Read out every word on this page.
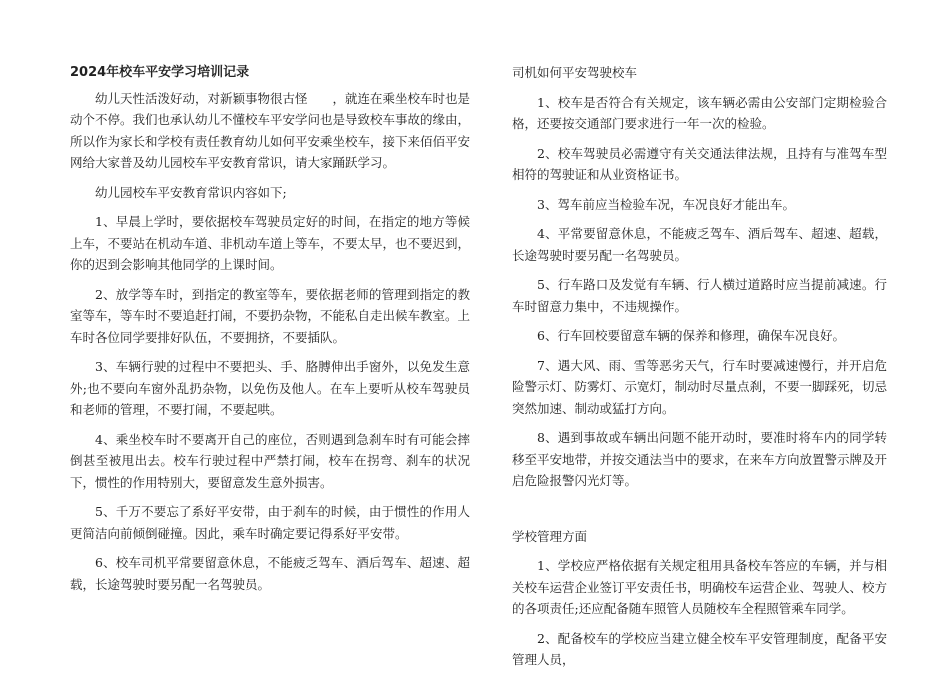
2024年校车平安学习培训记录

幼儿天性活泼好动，对新颖事物很古怪　　，就连在乘坐校车时也是动个不停。我们也承认幼儿不懂校车平安学问也是导致校车事故的缘由，所以作为家长和学校有责任教育幼儿如何平安乘坐校车，接下来佰佰平安网给大家普及幼儿园校车平安教育常识，请大家踊跃学习。

幼儿园校车平安教育常识内容如下;

1、早晨上学时，要依据校车驾驶员定好的时间，在指定的地方等候上车，不要站在机动车道、非机动车道上等车，不要太早，也不要迟到，你的迟到会影响其他同学的上课时间。

2、放学等车时，到指定的教室等车，要依据老师的管理到指定的教室等车，等车时不要追赶打闹，不要扔杂物，不能私自走出候车教室。上车时各位同学要排好队伍，不要拥挤，不要插队。

3、车辆行驶的过程中不要把头、手、胳膊伸出手窗外，以免发生意外;也不要向车窗外乱扔杂物，以免伤及他人。在车上要听从校车驾驶员和老师的管理，不要打闹，不要起哄。

4、乘坐校车时不要离开自己的座位，否则遇到急刹车时有可能会摔倒甚至被甩出去。校车行驶过程中严禁打闹，校车在拐弯、刹车的状况下，惯性的作用特别大，要留意发生意外损害。

5、千万不要忘了系好平安带，由于刹车的时候，由于惯性的作用人更简洁向前倾倒碰撞。因此，乘车时确定要记得系好平安带。

6、校车司机平常要留意休息，不能疲乏驾车、酒后驾车、超速、超载，长途驾驶时要另配一名驾驶员。

司机如何平安驾驶校车

1、校车是否符合有关规定，该车辆必需由公安部门定期检验合格，还要按交通部门要求进行一年一次的检验。

2、校车驾驶员必需遵守有关交通法律法规，且持有与准驾车型相符的驾驶证和从业资格证书。

3、驾车前应当检验车况，车况良好才能出车。

4、平常要留意休息，不能疲乏驾车、酒后驾车、超速、超载，长途驾驶时要另配一名驾驶员。

5、行车路口及发觉有车辆、行人横过道路时应当提前减速。行车时留意力集中，不违规操作。

6、行车回校要留意车辆的保养和修理，确保车况良好。

7、遇大风、雨、雪等恶劣天气，行车时要减速慢行，并开启危险警示灯、防雾灯、示宽灯，制动时尽量点刹，不要一脚踩死，切忌突然加速、制动或猛打方向。

8、遇到事故或车辆出问题不能开动时，要准时将车内的同学转移至平安地带，并按交通法当中的要求，在来车方向放置警示牌及开启危险报警闪光灯等。

学校管理方面

1、学校应严格依据有关规定租用具备校车答应的车辆，并与相关校车运营企业签订平安责任书，明确校车运营企业、驾驶人、校方的各项责任;还应配备随车照管人员随校车全程照管乘车同学。

2、配备校车的学校应当建立健全校车平安管理制度，配备平安管理人员，
